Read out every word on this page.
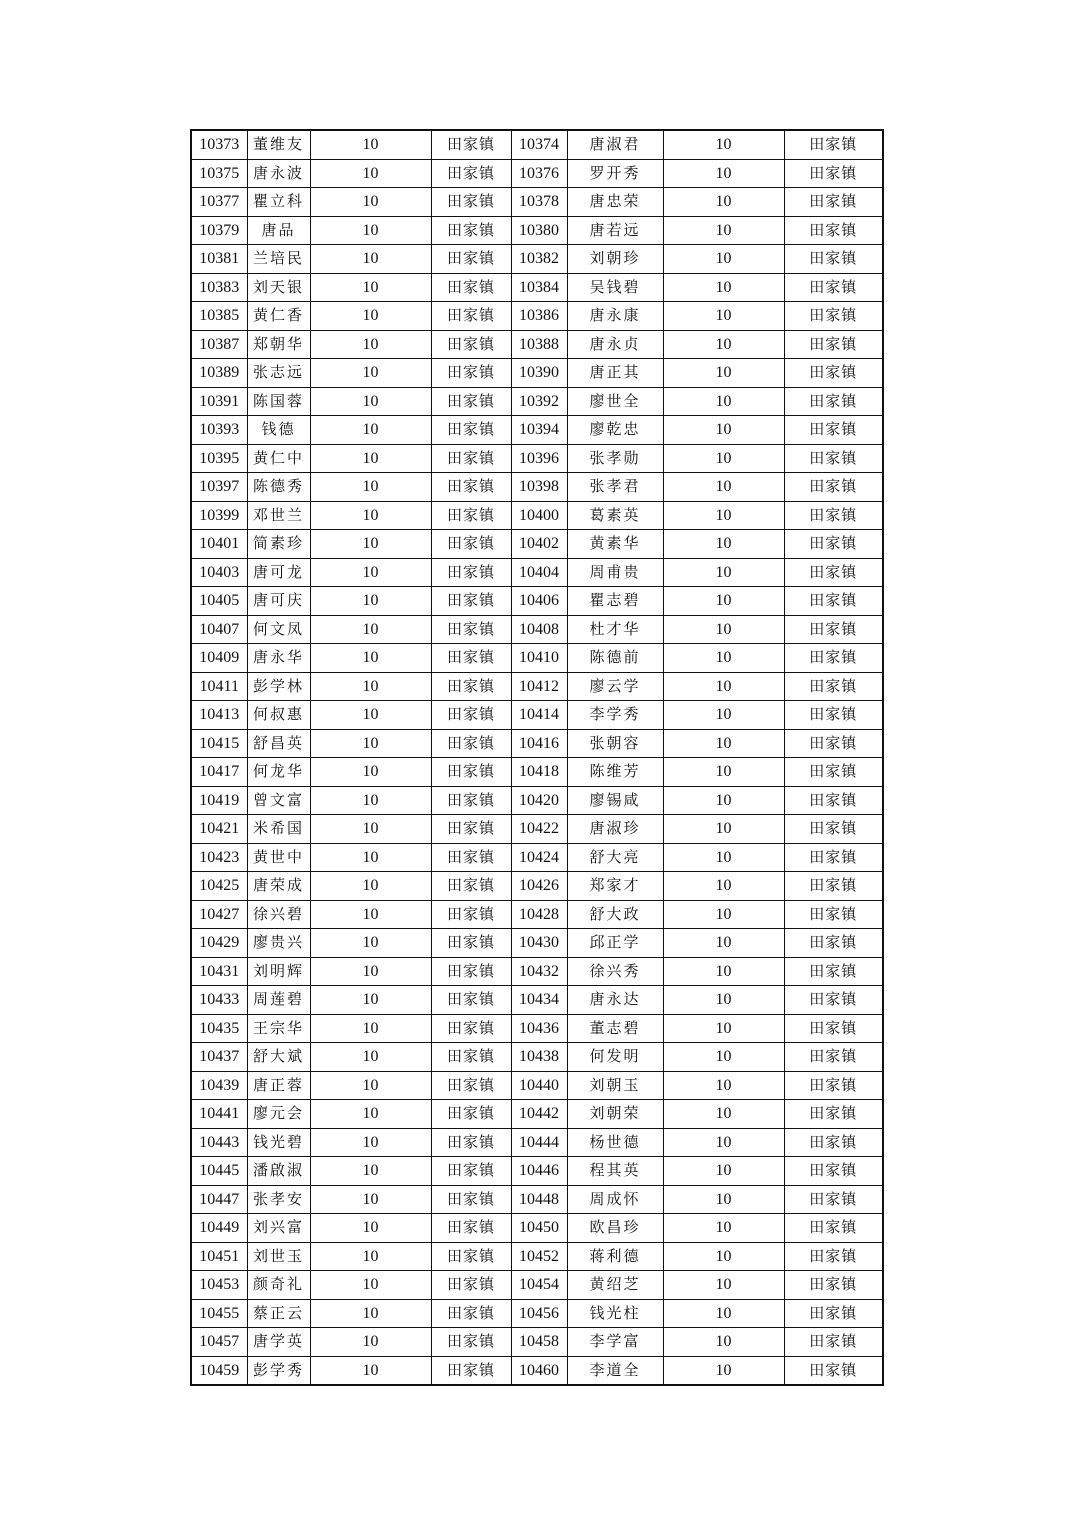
10373	董维友	10	田家镇	10374	唐淑君	10	田家镇
10375	唐永波	10	田家镇	10376	罗开秀	10	田家镇
10377	瞿立科	10	田家镇	10378	唐忠荣	10	田家镇
10379	唐品	10	田家镇	10380	唐若远	10	田家镇
10381	兰培民	10	田家镇	10382	刘朝珍	10	田家镇
10383	刘天银	10	田家镇	10384	吴钱碧	10	田家镇
10385	黄仁香	10	田家镇	10386	唐永康	10	田家镇
10387	郑朝华	10	田家镇	10388	唐永贞	10	田家镇
10389	张志远	10	田家镇	10390	唐正其	10	田家镇
10391	陈国蓉	10	田家镇	10392	廖世全	10	田家镇
10393	钱德	10	田家镇	10394	廖乾忠	10	田家镇
10395	黄仁中	10	田家镇	10396	张孝勋	10	田家镇
10397	陈德秀	10	田家镇	10398	张孝君	10	田家镇
10399	邓世兰	10	田家镇	10400	葛素英	10	田家镇
10401	简素珍	10	田家镇	10402	黄素华	10	田家镇
10403	唐可龙	10	田家镇	10404	周甫贵	10	田家镇
10405	唐可庆	10	田家镇	10406	瞿志碧	10	田家镇
10407	何文凤	10	田家镇	10408	杜才华	10	田家镇
10409	唐永华	10	田家镇	10410	陈德前	10	田家镇
10411	彭学林	10	田家镇	10412	廖云学	10	田家镇
10413	何叔惠	10	田家镇	10414	李学秀	10	田家镇
10415	舒昌英	10	田家镇	10416	张朝容	10	田家镇
10417	何龙华	10	田家镇	10418	陈维芳	10	田家镇
10419	曾文富	10	田家镇	10420	廖锡咸	10	田家镇
10421	米希国	10	田家镇	10422	唐淑珍	10	田家镇
10423	黄世中	10	田家镇	10424	舒大亮	10	田家镇
10425	唐荣成	10	田家镇	10426	郑家才	10	田家镇
10427	徐兴碧	10	田家镇	10428	舒大政	10	田家镇
10429	廖贵兴	10	田家镇	10430	邱正学	10	田家镇
10431	刘明辉	10	田家镇	10432	徐兴秀	10	田家镇
10433	周莲碧	10	田家镇	10434	唐永达	10	田家镇
10435	王宗华	10	田家镇	10436	董志碧	10	田家镇
10437	舒大斌	10	田家镇	10438	何发明	10	田家镇
10439	唐正蓉	10	田家镇	10440	刘朝玉	10	田家镇
10441	廖元会	10	田家镇	10442	刘朝荣	10	田家镇
10443	钱光碧	10	田家镇	10444	杨世德	10	田家镇
10445	潘啟淑	10	田家镇	10446	程其英	10	田家镇
10447	张孝安	10	田家镇	10448	周成怀	10	田家镇
10449	刘兴富	10	田家镇	10450	欧昌珍	10	田家镇
10451	刘世玉	10	田家镇	10452	蒋利德	10	田家镇
10453	颜奇礼	10	田家镇	10454	黄绍芝	10	田家镇
10455	蔡正云	10	田家镇	10456	钱光柱	10	田家镇
10457	唐学英	10	田家镇	10458	李学富	10	田家镇
10459	彭学秀	10	田家镇	10460	李道全	10	田家镇
